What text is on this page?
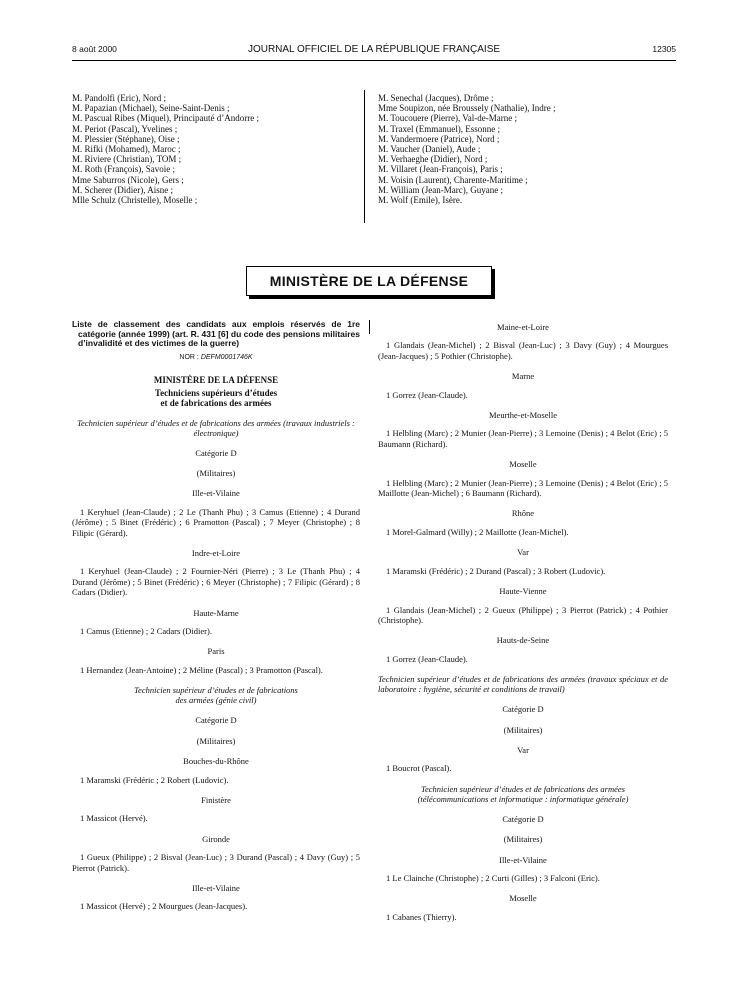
JOURNAL OFFICIEL DE LA RÉPUBLIQUE FRANÇAISE
8 août 2000	12305
M. Pandolfi (Eric), Nord ;
M. Papazian (Michael), Seine-Saint-Denis ;
M. Pascual Ribes (Miquel), Principauté d’Andorre ;
M. Periot (Pascal), Yvelines ;
M. Plessier (Stéphane), Oise ;
M. Rifki (Mohamed), Maroc ;
M. Riviere (Christian), TOM ;
M. Roth (François), Savoie ;
Mme Saburros (Nicole), Gers ;
M. Scherer (Didier), Aisne ;
Mlle Schulz (Christelle), Moselle ;
M. Senechal (Jacques), Drôme ;
Mme Soupizon, née Broussely (Nathalie), Indre ;
M. Toucouere (Pierre), Val-de-Marne ;
M. Traxel (Emmanuel), Essonne ;
M. Vandermoere (Patrice), Nord ;
M. Vaucher (Daniel), Aude ;
M. Verhaeghe (Didier), Nord ;
M. Villaret (Jean-François), Paris ;
M. Voisin (Laurent), Charente-Maritime ;
M. William (Jean-Marc), Guyane ;
M. Wolf (Emile), Isère.
MINISTÈRE DE LA DÉFENSE
Liste de classement des candidats aux emplois réservés de 1re catégorie (année 1999) (art. R. 431 [6] du code des pensions militaires d’invalidité et des victimes de la guerre)
NOR : DEFM0001746K
MINISTÈRE DE LA DÉFENSE
Techniciens supérieurs d’études
et de fabrications des armées
Technicien supérieur d’études et de fabrications des armées (travaux industriels : électronique)
Catégorie D
(Militaires)
Ille-et-Vilaine
1 Keryhuel (Jean-Claude) ; 2 Le (Thanh Phu) ; 3 Camus (Etienne) ; 4 Durand (Jérôme) ; 5 Binet (Frédéric) ; 6 Pramotton (Pascal) ; 7 Meyer (Christophe) ; 8 Filipic (Gérard).
Indre-et-Loire
1 Keryhuel (Jean-Claude) ; 2 Fournier-Néri (Pierre) ; 3 Le (Thanh Phu) ; 4 Durand (Jérôme) ; 5 Binet (Frédéric) ; 6 Meyer (Christophe) ; 7 Filipic (Gérard) ; 8 Cadars (Didier).
Haute-Marne
1 Camus (Etienne) ; 2 Cadars (Didier).
Paris
1 Hernandez (Jean-Antoine) ; 2 Méline (Pascal) ; 3 Pramotton (Pascal).
Technicien supérieur d’études et de fabrications
des armées (génie civil)
Catégorie D
(Militaires)
Bouches-du-Rhône
1 Maramski (Frédéric ; 2 Robert (Ludovic).
Finistère
1 Massicot (Hervé).
Gironde
1 Gueux (Philippe) ; 2 Bisval (Jean-Luc) ; 3 Durand (Pascal) ; 4 Davy (Guy) ; 5 Pierrot (Patrick).
Ille-et-Vilaine
1 Massicot (Hervé) ; 2 Mourgues (Jean-Jacques).
Maine-et-Loire
1 Glandais (Jean-Michel) ; 2 Bisval (Jean-Luc) ; 3 Davy (Guy) ; 4 Mourgues (Jean-Jacques) ; 5 Pothier (Christophe).
Marne
1 Gorrez (Jean-Claude).
Meurthe-et-Moselle
1 Helbling (Marc) ; 2 Munier (Jean-Pierre) ; 3 Lemoine (Denis) ; 4 Belot (Eric) ; 5 Baumann (Richard).
Moselle
1 Helbling (Marc) ; 2 Munier (Jean-Pierre) ; 3 Lemoine (Denis) ; 4 Belot (Eric) ; 5 Maillotte (Jean-Michel) ; 6 Baumann (Richard).
Rhône
1 Morel-Galmard (Willy) ; 2 Maillotte (Jean-Michel).
Var
1 Maramski (Frédéric) ; 2 Durand (Pascal) ; 3 Robert (Ludovic).
Haute-Vienne
1 Glandais (Jean-Michel) ; 2 Gueux (Philippe) ; 3 Pierrot (Patrick) ; 4 Pothier (Christophe).
Hauts-de-Seine
1 Gorrez (Jean-Claude).
Technicien supérieur d’études et de fabrications des armées (travaux spéciaux et de laboratoire : hygiène, sécurité et conditions de travail)
Catégorie D
(Militaires)
Var
1 Boucrot (Pascal).
Technicien supérieur d’études et de fabrications des armées
(télécommunications et informatique : informatique générale)
Catégorie D
(Militaires)
Ille-et-Vilaine
1 Le Clainche (Christophe) ; 2 Curti (Gilles) ; 3 Falconi (Eric).
Moselle
1 Cabanes (Thierry).
